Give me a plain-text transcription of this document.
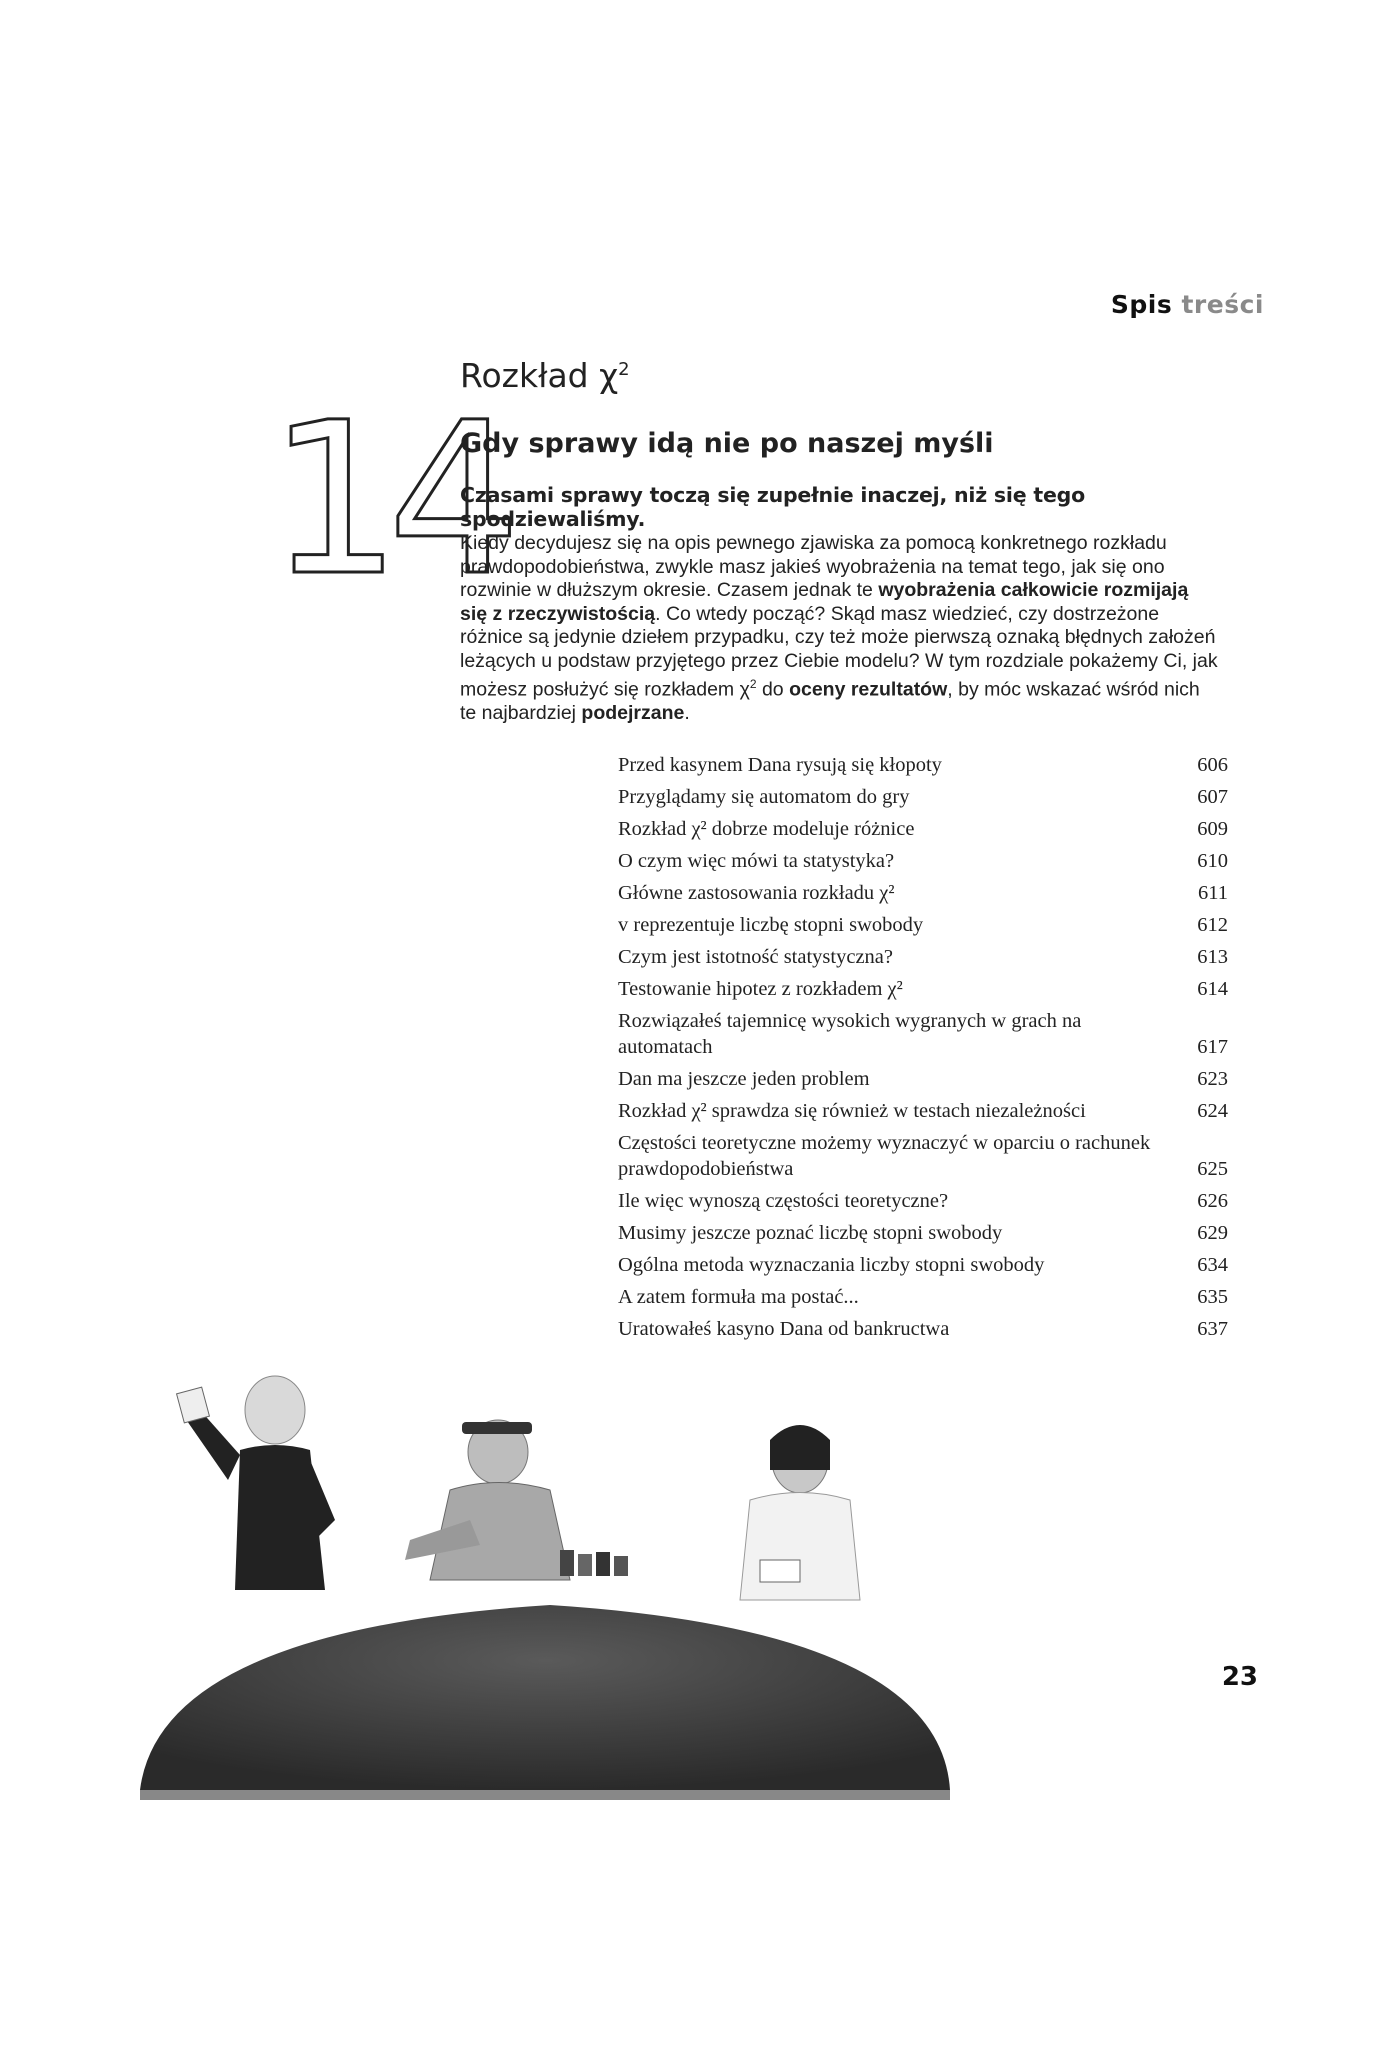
Spis treści
14
Rozkład $\chi^2$
Gdy sprawy idą nie po naszej myśli
Czasami sprawy toczą się zupełnie inaczej, niż się tego spodziewaliśmy.
Kiedy decydujesz się na opis pewnego zjawiska za pomocą konkretnego rozkładu prawdopodobieństwa, zwykle masz jakieś wyobrażenia na temat tego, jak się ono rozwinie w dłuższym okresie. Czasem jednak te wyobrażenia całkowicie rozmijają się z rzeczywistością. Co wtedy począć? Skąd masz wiedzieć, czy dostrzeżone różnice są jedynie dziełem przypadku, czy też może pierwszą oznaką błędnych założeń leżących u podstaw przyjętego przez Ciebie modelu? W tym rozdziale pokażemy Ci, jak możesz posłużyć się rozkładem $\chi^2$ do oceny rezultatów, by móc wskazać wśród nich te najbardziej podejrzane.
Przed kasynem Dana rysują się kłopoty	606
Przyglądamy się automatom do gry	607
Rozkład χ² dobrze modeluje różnice	609
O czym więc mówi ta statystyka?	610
Główne zastosowania rozkładu χ²	611
v reprezentuje liczbę stopni swobody	612
Czym jest istotność statystyczna?	613
Testowanie hipotez z rozkładem χ²	614
Rozwiązałeś tajemnicę wysokich wygranych w grach na automatach	617
Dan ma jeszcze jeden problem	623
Rozkład χ² sprawdza się również w testach niezależności	624
Częstości teoretyczne możemy wyznaczyć w oparciu o rachunek prawdopodobieństwa	625
Ile więc wynoszą częstości teoretyczne?	626
Musimy jeszcze poznać liczbę stopni swobody	629
Ogólna metoda wyznaczania liczby stopni swobody	634
A zatem formuła ma postać...	635
Uratowałeś kasyno Dana od bankructwa	637
23
